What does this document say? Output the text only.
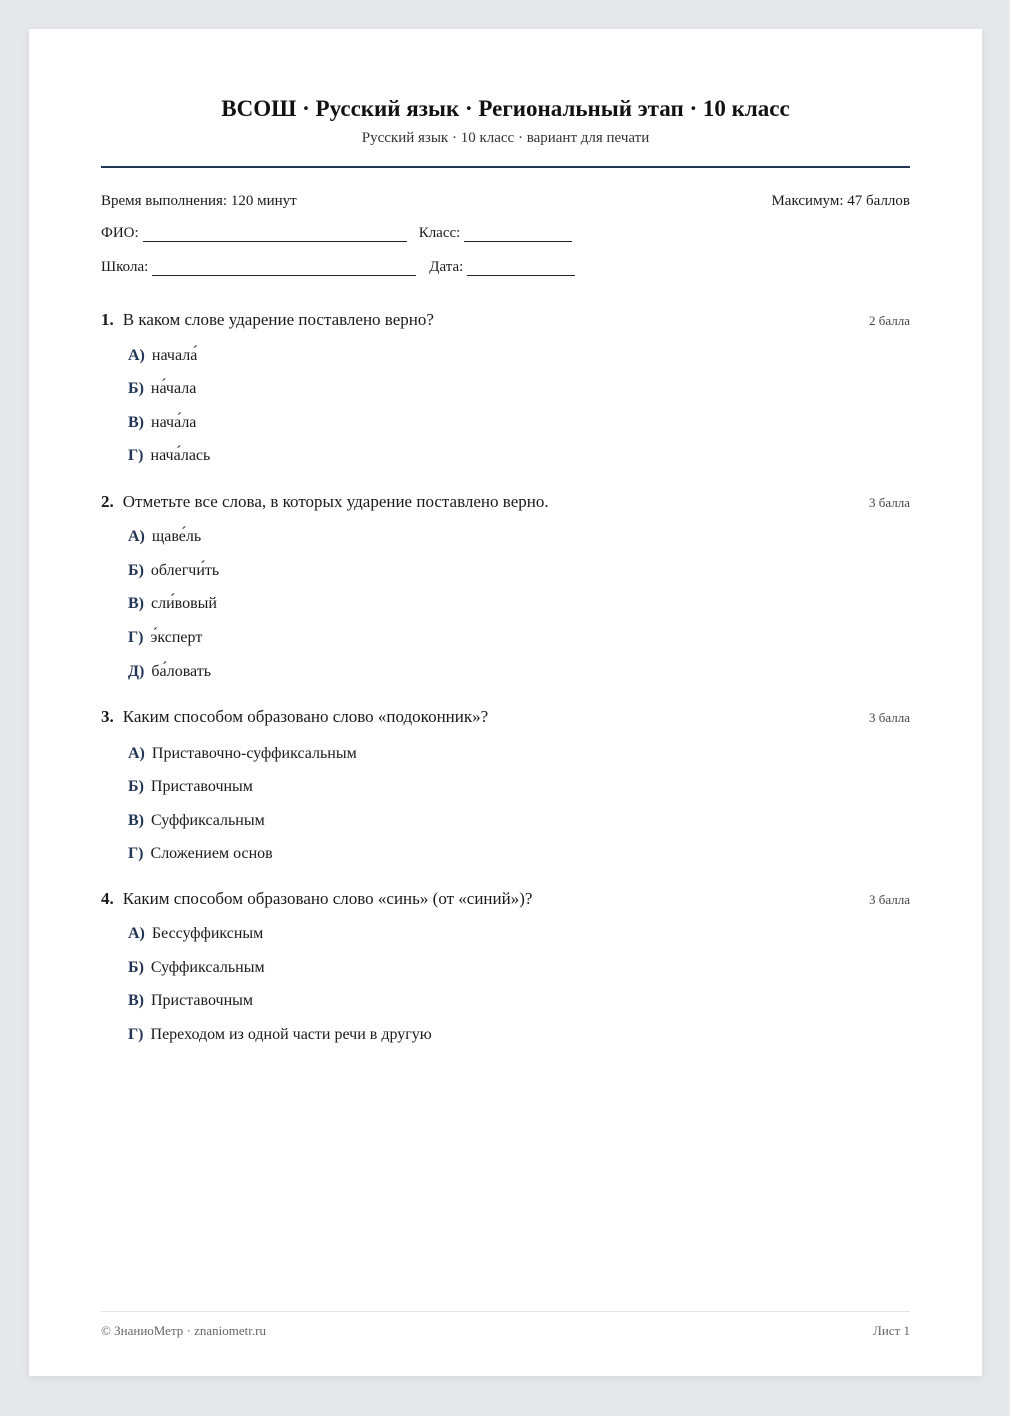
ВСОШ · Русский язык · Региональный этап · 10 класс
Русский язык · 10 класс · вариант для печати
Время выполнения: 120 минут	Максимум: 47 баллов
ФИО:	Класс:
Школа:	Дата:
1. В каком слове ударение поставлено верно?	2 балла
А) начала́
Б) на́чала
В) нача́ла
Г) нача́лась
2. Отметьте все слова, в которых ударение поставлено верно.	3 балла
А) щаве́ль
Б) облегчи́ть
В) сли́вовый
Г) э́ксперт
Д) ба́ловать
3. Каким способом образовано слово «подоконник»?	3 балла
А) Приставочно-суффиксальным
Б) Приставочным
В) Суффиксальным
Г) Сложением основ
4. Каким способом образовано слово «синь» (от «синий»)?	3 балла
А) Бессуффиксным
Б) Суффиксальным
В) Приставочным
Г) Переходом из одной части речи в другую
© ЗнаниоМетр · znaniometr.ru	Лист 1
